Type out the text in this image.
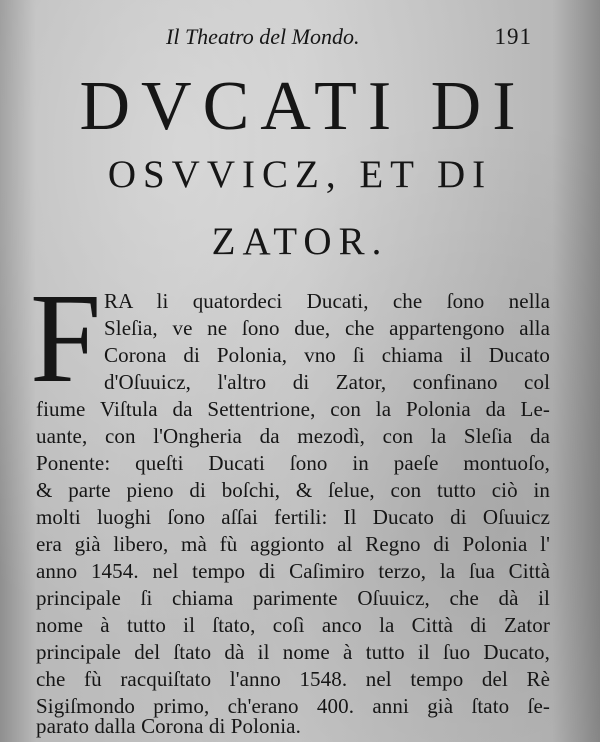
Il Theatro del Mondo.	191
DVCATI DI
OSVVICZ, ET DI
ZATOR.
F RA li quatordeci Ducati, che ſono nella
Sleſia, ve ne ſono due, che appartengono alla
Corona di Polonia, vno ſi chiama il Ducato
d'Oſuuicz, l'altro di Zator, confinano col
fiume Viſtula da Settentrione, con la Polonia da Le-
uante, con l'Ongheria da mezodì, con la Sleſia da
Ponente: queſti Ducati ſono in paeſe montuoſo,
& parte pieno di boſchi, & ſelue, con tutto ciò in
molti luoghi ſono aſſai fertili: Il Ducato di Oſuuicz
era già libero, mà fù aggionto al Regno di Polonia l'
anno 1454. nel tempo di Caſimiro terzo, la ſua Città
principale ſi chiama parimente Oſuuicz, che dà il
nome à tutto il ſtato, coſì anco la Città di Zator
principale del ſtato dà il nome à tutto il ſuo Ducato,
che fù racquiſtato l'anno 1548. nel tempo del Rè
Sigiſmondo primo, ch'erano 400. anni già ſtato ſe-
parato dalla Corona di Polonia.
